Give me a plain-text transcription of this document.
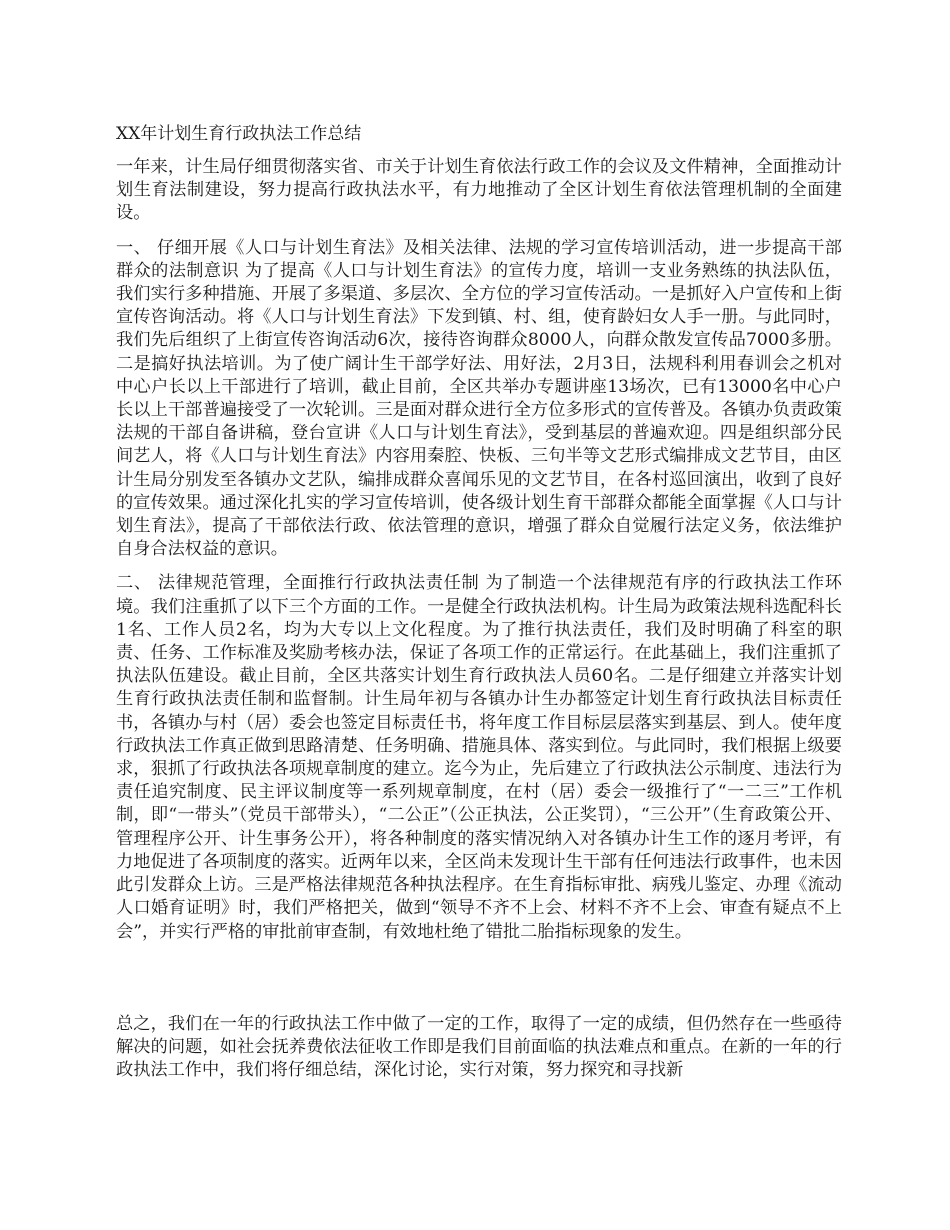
XX年计划生育行政执法工作总结

一年来，计生局仔细贯彻落实省、市关于计划生育依法行政工作的会议及文件精神，全面推动计划生育法制建设，努力提高行政执法水平，有力地推动了全区计划生育依法管理机制的全面建设。

一、 仔细开展《人口与计划生育法》及相关法律、法规的学习宣传培训活动，进一步提高干部群众的法制意识 为了提高《人口与计划生育法》的宣传力度，培训一支业务熟练的执法队伍，我们实行多种措施、开展了多渠道、多层次、全方位的学习宣传活动。一是抓好入户宣传和上街宣传咨询活动。将《人口与计划生育法》下发到镇、村、组，使育龄妇女人手一册。与此同时，我们先后组织了上街宣传咨询活动6次，接待咨询群众8000人，向群众散发宣传品7000多册。二是搞好执法培训。为了使广阔计生干部学好法、用好法，2月3日，法规科利用春训会之机对中心户长以上干部进行了培训，截止目前，全区共举办专题讲座13场次，已有13000名中心户长以上干部普遍接受了一次轮训。三是面对群众进行全方位多形式的宣传普及。各镇办负责政策法规的干部自备讲稿，登台宣讲《人口与计划生育法》，受到基层的普遍欢迎。四是组织部分民间艺人，将《人口与计划生育法》内容用秦腔、快板、三句半等文艺形式编排成文艺节目，由区计生局分别发至各镇办文艺队，编排成群众喜闻乐见的文艺节目，在各村巡回演出，收到了良好的宣传效果。通过深化扎实的学习宣传培训，使各级计划生育干部群众都能全面掌握《人口与计划生育法》，提高了干部依法行政、依法管理的意识，增强了群众自觉履行法定义务，依法维护自身合法权益的意识。

二、 法律规范管理，全面推行行政执法责任制 为了制造一个法律规范有序的行政执法工作环境。我们注重抓了以下三个方面的工作。一是健全行政执法机构。计生局为政策法规科选配科长1名、工作人员2名，均为大专以上文化程度。为了推行执法责任，我们及时明确了科室的职责、任务、工作标准及奖励考核办法，保证了各项工作的正常运行。在此基础上，我们注重抓了执法队伍建设。截止目前，全区共落实计划生育行政执法人员60名。二是仔细建立并落实计划生育行政执法责任制和监督制。计生局年初与各镇办计生办都签定计划生育行政执法目标责任书，各镇办与村（居）委会也签定目标责任书，将年度工作目标层层落实到基层、到人。使年度行政执法工作真正做到思路清楚、任务明确、措施具体、落实到位。与此同时，我们根据上级要求，狠抓了行政执法各项规章制度的建立。迄今为止，先后建立了行政执法公示制度、违法行为责任追究制度、民主评议制度等一系列规章制度，在村（居）委会一级推行了“一二三”工作机制，即“一带头”（党员干部带头），“二公正”（公正执法，公正奖罚），“三公开”（生育政策公开、管理程序公开、计生事务公开），将各种制度的落实情况纳入对各镇办计生工作的逐月考评，有力地促进了各项制度的落实。近两年以来，全区尚未发现计生干部有任何违法行政事件，也未因此引发群众上访。三是严格法律规范各种执法程序。在生育指标审批、病残儿鉴定、办理《流动人口婚育证明》时，我们严格把关，做到“领导不齐不上会、材料不齐不上会、审查有疑点不上会”，并实行严格的审批前审查制，有效地杜绝了错批二胎指标现象的发生。

总之，我们在一年的行政执法工作中做了一定的工作，取得了一定的成绩，但仍然存在一些亟待解决的问题，如社会抚养费依法征收工作即是我们目前面临的执法难点和重点。在新的一年的行政执法工作中，我们将仔细总结，深化讨论，实行对策，努力探究和寻找新
